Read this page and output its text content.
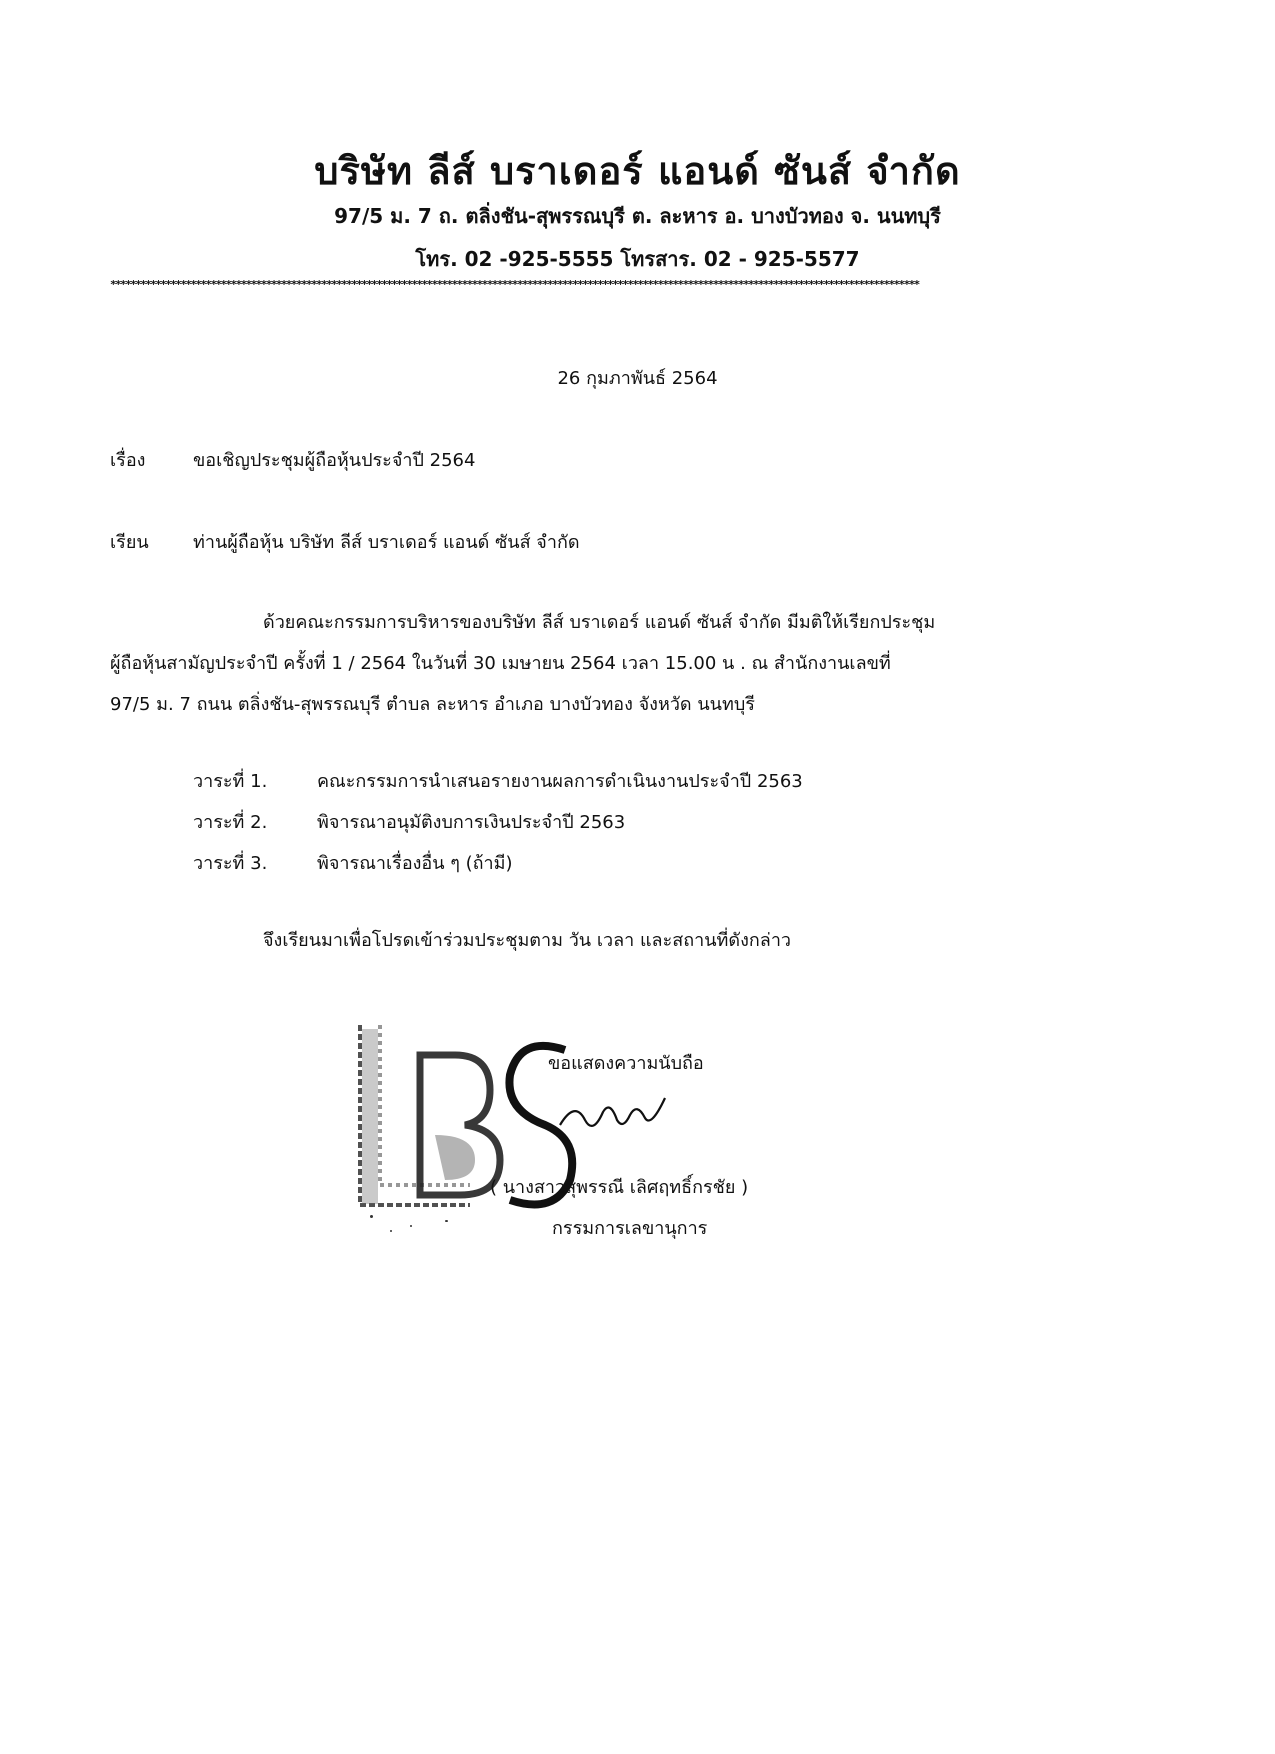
บริษัท ลีส์ บราเดอร์ แอนด์ ซันส์ จำกัด
97/5 ม. 7 ถ. ตลิ่งชัน-สุพรรณบุรี ต. ละหาร อ. บางบัวทอง จ. นนทบุรี
โทร. 02 -925-5555 โทรสาร. 02 - 925-5577
*****************************************************************************************************************************************************************
26 กุมภาพันธ์ 2564
เรื่อง	ขอเชิญประชุมผู้ถือหุ้นประจำปี 2564
เรียน ท่านผู้ถือหุ้น บริษัท ลีส์ บราเดอร์ แอนด์ ซันส์ จำกัด
ด้วยคณะกรรมการบริหารของบริษัท ลีส์ บราเดอร์ แอนด์ ซันส์ จำกัด มีมติให้เรียกประชุม
ผู้ถือหุ้นสามัญประจำปี ครั้งที่ 1 / 2564 ในวันที่ 30 เมษายน 2564 เวลา 15.00 น . ณ สำนักงานเลขที่
97/5 ม. 7 ถนน ตลิ่งชัน-สุพรรณบุรี ตำบล ละหาร อำเภอ บางบัวทอง จังหวัด นนทบุรี
วาระที่ 1.	คณะกรรมการนำเสนอรายงานผลการดำเนินงานประจำปี 2563
วาระที่ 2.	พิจารณาอนุมัติงบการเงินประจำปี 2563
วาระที่ 3.	พิจารณาเรื่องอื่น ๆ (ถ้ามี)
จึงเรียนมาเพื่อโปรดเข้าร่วมประชุมตาม วัน เวลา และสถานที่ดังกล่าว
ขอแสดงความนับถือ
( นางสาวสุพรรณี เลิศฤทธิ์กรชัย )
กรรมการเลขานุการ
